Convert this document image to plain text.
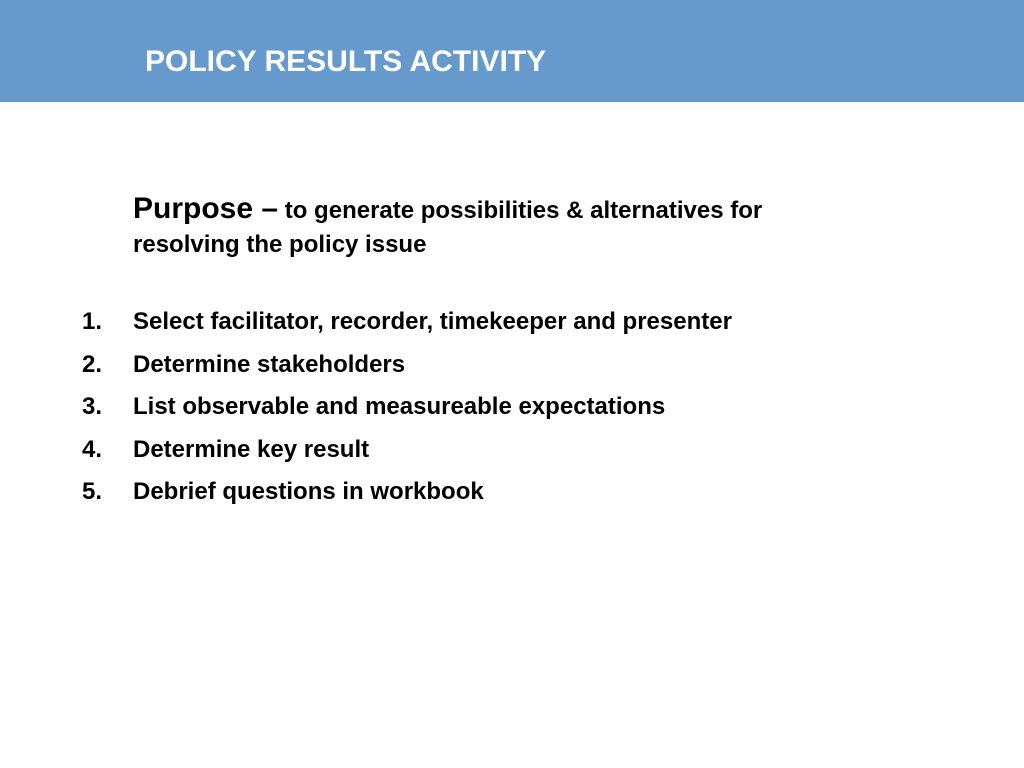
POLICY RESULTS ACTIVITY
Purpose – to generate possibilities & alternatives for
resolving the policy issue
1. Select facilitator, recorder, timekeeper and presenter
2. Determine stakeholders
3. List observable and measureable expectations
4. Determine key result
5. Debrief questions in workbook
